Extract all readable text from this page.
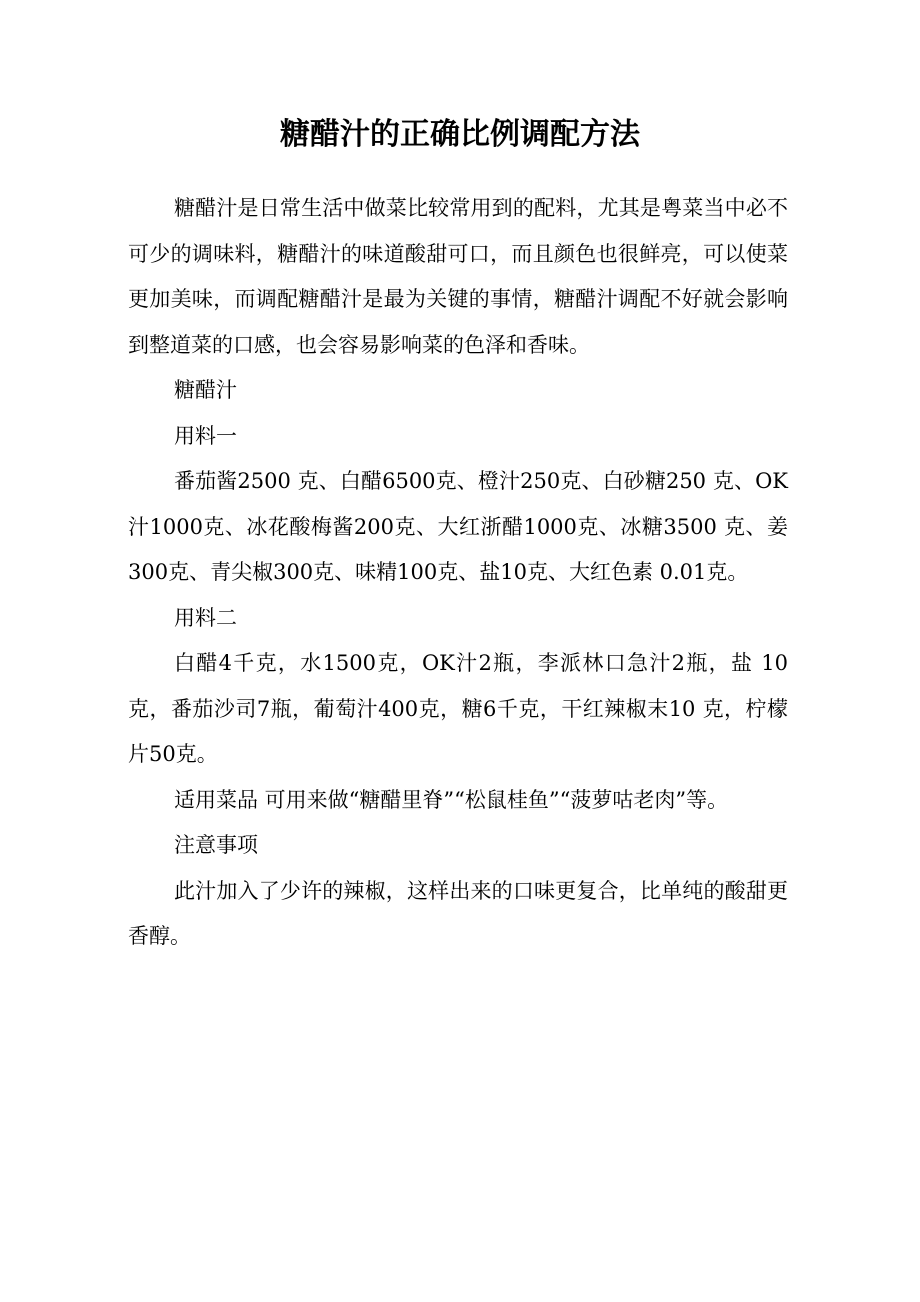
糖醋汁的正确比例调配方法

糖醋汁是日常生活中做菜比较常用到的配料，尤其是粤菜当中必不可少的调味料，糖醋汁的味道酸甜可口，而且颜色也很鲜亮，可以使菜更加美味，而调配糖醋汁是最为关键的事情，糖醋汁调配不好就会影响到整道菜的口感，也会容易影响菜的色泽和香味。

糖醋汁

用料一

番茄酱2500 克、白醋6500克、橙汁250克、白砂糖250 克、OK汁1000克、冰花酸梅酱200克、大红浙醋1000克、冰糖3500 克、姜300克、青尖椒300克、味精100克、盐10克、大红色素 0.01克。

用料二

白醋4千克，水1500克，OK汁2瓶，李派林口急汁2瓶，盐 10克，番茄沙司7瓶，葡萄汁400克，糖6千克，干红辣椒末10 克，柠檬片50克。

适用菜品 可用来做“糖醋里脊”“松鼠桂鱼”“菠萝咕老肉”等。

注意事项

此汁加入了少许的辣椒，这样出来的口味更复合，比单纯的酸甜更香醇。
